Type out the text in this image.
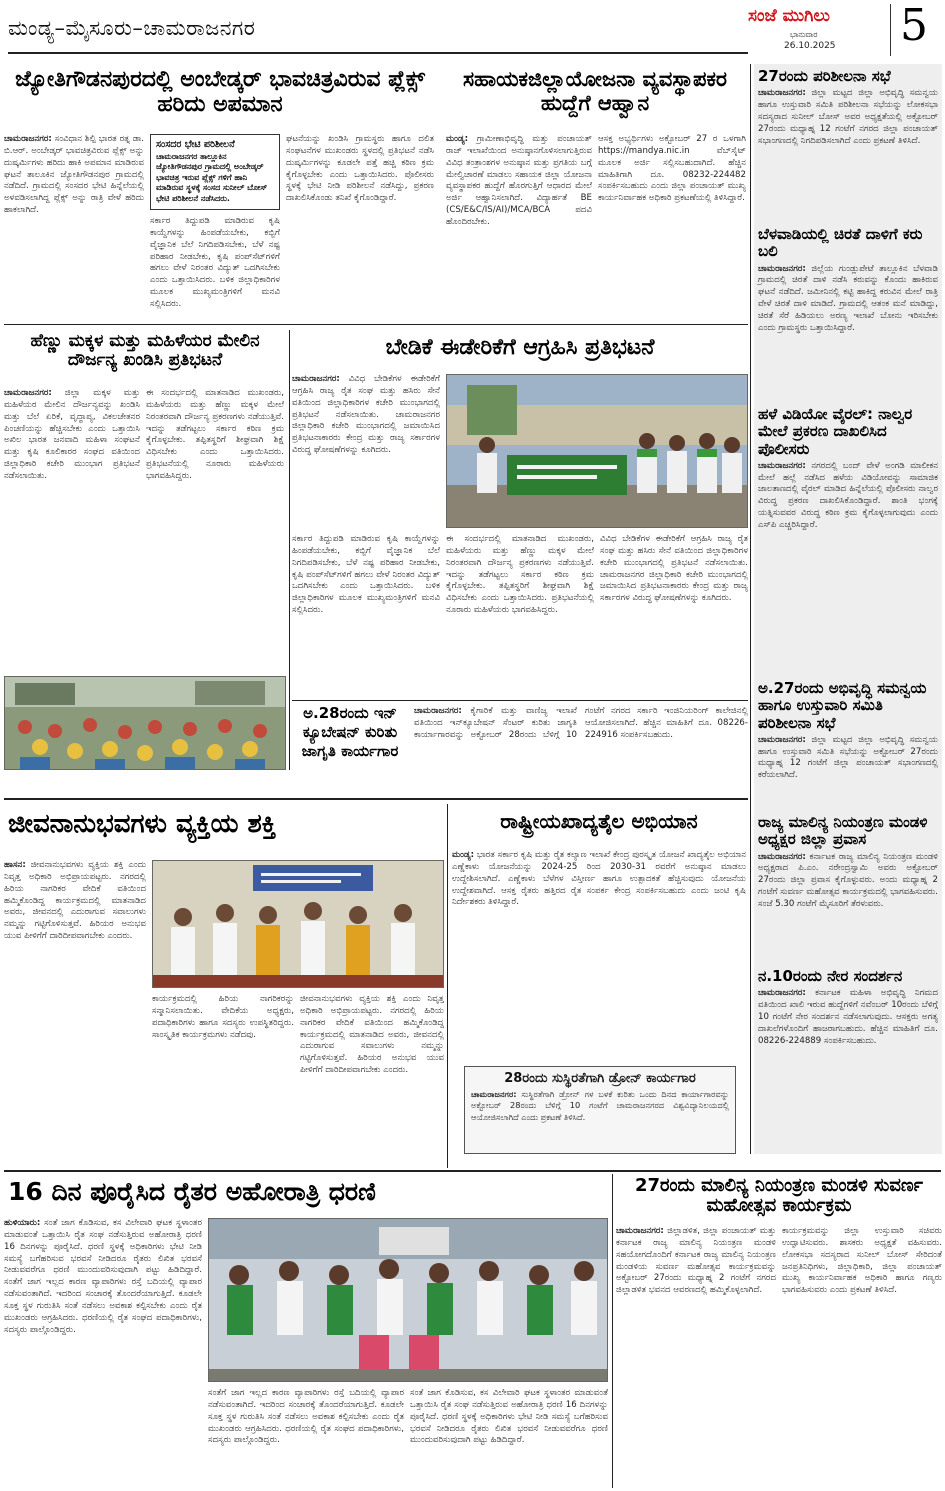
ಮಂಡ್ಯ–ಮೈಸೂರು–ಚಾಮರಾಜನಗರ	ಸಂಜೆ ಮುಗಿಲು
ಭಾನುವಾರ
26.10.2025 5
ಜ್ಯೋತಿಗೌಡನಪುರದಲ್ಲಿ ಅಂಬೇಡ್ಕರ್ ಭಾವಚಿತ್ರವಿರುವ ಪ್ಲೆಕ್ಸ್ ಹರಿದು ಅಪಮಾನ
ಚಾಮರಾಜನಗರ: ಸಂವಿಧಾನ ಶಿಲ್ಪಿ ಭಾರತ ರತ್ನ ಡಾ. ಬಿ.ಆರ್. ಅಂಬೇಡ್ಕರ್ ಭಾವಚಿತ್ರವಿರುವ ಪ್ಲೆಕ್ಸ್ ಅನ್ನು ದುಷ್ಕರ್ಮಿಗಳು ಹರಿದು ಹಾಕಿ ಅಪಮಾನ ಮಾಡಿರುವ ಘಟನೆ ತಾಲೂಕಿನ ಜ್ಯೋತಿಗೌಡನಪುರ ಗ್ರಾಮದಲ್ಲಿ ನಡೆದಿದೆ. ಗ್ರಾಮದಲ್ಲಿ ಸಂಸದರ ಭೇಟಿ ಹಿನ್ನೆಲೆಯಲ್ಲಿ ಅಳವಡಿಸಲಾಗಿದ್ದ ಪ್ಲೆಕ್ಸ್ ಅನ್ನು ರಾತ್ರಿ ವೇಳೆ ಹರಿದು ಹಾಕಲಾಗಿದೆ.
ಸಂಸದರ ಭೇಟಿ ಪರಿಶೀಲನೆ
ಚಾಮರಾಜನಗರ ತಾಲ್ಲೂಕಿನ ಜ್ಯೋತಿಗೌಡನಪುರ ಗ್ರಾಮದಲ್ಲಿ ಅಂಬೇಡ್ಕರ್ ಭಾವಚಿತ್ರ ಇರುವ ಪ್ಲೆಕ್ಸ್ ಗಳಿಗೆ ಹಾನಿ ಮಾಡಿರುವ ಸ್ಥಳಕ್ಕೆ ಸಂಸದ ಸುನೀಲ್ ಬೋಸ್ ಭೇಟಿ ಪರಿಶೀಲನೆ ನಡೆಸಿದರು.
ಘಟನೆಯನ್ನು ಖಂಡಿಸಿ ಗ್ರಾಮಸ್ಥರು ಹಾಗೂ ದಲಿತ ಸಂಘಟನೆಗಳ ಮುಖಂಡರು ಸ್ಥಳದಲ್ಲಿ ಪ್ರತಿಭಟನೆ ನಡೆಸಿ ದುಷ್ಕರ್ಮಿಗಳನ್ನು ಕೂಡಲೇ ಪತ್ತೆ ಹಚ್ಚಿ ಕಠಿಣ ಕ್ರಮ ಕೈಗೊಳ್ಳಬೇಕು ಎಂದು ಒತ್ತಾಯಿಸಿದರು. ಪೊಲೀಸರು ಸ್ಥಳಕ್ಕೆ ಭೇಟಿ ನೀಡಿ ಪರಿಶೀಲನೆ ನಡೆಸಿದ್ದು, ಪ್ರಕರಣ ದಾಖಲಿಸಿಕೊಂಡು ತನಿಖೆ ಕೈಗೊಂಡಿದ್ದಾರೆ.
ಸರ್ಕಾರ ತಿದ್ದುಪಡಿ ಮಾಡಿರುವ ಕೃಷಿ ಕಾಯ್ದೆಗಳನ್ನು ಹಿಂಪಡೆಯಬೇಕು, ಕಬ್ಬಿಗೆ ವೈಜ್ಞಾನಿಕ ಬೆಲೆ ನಿಗದಿಪಡಿಸಬೇಕು, ಬೆಳೆ ನಷ್ಟ ಪರಿಹಾರ ನೀಡಬೇಕು, ಕೃಷಿ ಪಂಪ್‌ಸೆಟ್‌ಗಳಿಗೆ ಹಗಲು ವೇಳೆ ನಿರಂತರ ವಿದ್ಯುತ್ ಒದಗಿಸಬೇಕು ಎಂದು ಒತ್ತಾಯಿಸಿದರು. ಬಳಿಕ ಜಿಲ್ಲಾಧಿಕಾರಿಗಳ ಮೂಲಕ ಮುಖ್ಯಮಂತ್ರಿಗಳಿಗೆ ಮನವಿ ಸಲ್ಲಿಸಿದರು.
ಸಹಾಯಕಜಿಲ್ಲಾಯೋಜನಾ ವ್ಯವಸ್ಥಾಪಕರ ಹುದ್ದೆಗೆ ಆಹ್ವಾನ
ಮಂಡ್ಯ: ಗ್ರಾಮೀಣಾಭಿವೃದ್ಧಿ ಮತ್ತು ಪಂಚಾಯತ್ ರಾಜ್ ಇಲಾಖೆಯಿಂದ ಅನುಷ್ಠಾನಗೊಳಿಸಲಾಗುತ್ತಿರುವ ವಿವಿಧ ತಂತ್ರಾಂಶಗಳ ಅನುಷ್ಠಾನ ಮತ್ತು ಪ್ರಗತಿಯ ಬಗ್ಗೆ ಮೇಲ್ವಿಚಾರಣೆ ಮಾಡಲು ಸಹಾಯಕ ಜಿಲ್ಲಾ ಯೋಜನಾ ವ್ಯವಸ್ಥಾಪಕರ ಹುದ್ದೆಗೆ ಹೊರಗುತ್ತಿಗೆ ಆಧಾರದ ಮೇಲೆ ಅರ್ಜಿ ಆಹ್ವಾನಿಸಲಾಗಿದೆ. ವಿದ್ಯಾರ್ಹತೆ BE (CS/E&C/IS/AI)/MCA/BCA ಪದವಿ ಹೊಂದಿರಬೇಕು.
ಆಸಕ್ತ ಅಭ್ಯರ್ಥಿಗಳು ಅಕ್ಟೋಬರ್ 27 ರ ಒಳಗಾಗಿ https://mandya.nic.in ವೆಬ್‌ಸೈಟ್ ಮೂಲಕ ಅರ್ಜಿ ಸಲ್ಲಿಸಬಹುದಾಗಿದೆ. ಹೆಚ್ಚಿನ ಮಾಹಿತಿಗಾಗಿ ದೂ. 08232-224482 ಸಂಪರ್ಕಿಸಬಹುದು ಎಂದು ಜಿಲ್ಲಾ ಪಂಚಾಯತ್ ಮುಖ್ಯ ಕಾರ್ಯನಿರ್ವಾಹಕ ಅಧಿಕಾರಿ ಪ್ರಕಟಣೆಯಲ್ಲಿ ತಿಳಿಸಿದ್ದಾರೆ.
27ರಂದು ಪರಿಶೀಲನಾ ಸಭೆ
ಚಾಮರಾಜನಗರ: ಜಿಲ್ಲಾ ಮಟ್ಟದ ಜಿಲ್ಲಾ ಅಭಿವೃದ್ಧಿ ಸಮನ್ವಯ ಹಾಗೂ ಉಸ್ತುವಾರಿ ಸಮಿತಿ ಪರಿಶೀಲನಾ ಸಭೆಯನ್ನು ಲೋಕಸಭಾ ಸದಸ್ಯರಾದ ಸುನೀಲ್ ಬೋಸ್ ಅವರ ಅಧ್ಯಕ್ಷತೆಯಲ್ಲಿ ಅಕ್ಟೋಬರ್ 27ರಂದು ಮಧ್ಯಾಹ್ನ 12 ಗಂಟೆಗೆ ನಗರದ ಜಿಲ್ಲಾ ಪಂಚಾಯತ್ ಸಭಾಂಗಣದಲ್ಲಿ ನಿಗದಿಪಡಿಸಲಾಗಿದೆ ಎಂದು ಪ್ರಕಟಣೆ ತಿಳಿಸಿದೆ.
ಬೆಳವಾಡಿಯಲ್ಲಿ ಚಿರತೆ ದಾಳಿಗೆ ಕರು ಬಲಿ
ಚಾಮರಾಜನಗರ: ಜಿಲ್ಲೆಯ ಗುಂಡ್ಲುಪೇಟೆ ತಾಲ್ಲೂಕಿನ ಬೆಳವಾಡಿ ಗ್ರಾಮದಲ್ಲಿ ಚಿರತೆ ದಾಳಿ ನಡೆಸಿ ಕರುವನ್ನು ಕೊಂದು ಹಾಕಿರುವ ಘಟನೆ ನಡೆದಿದೆ. ಜಮೀನಿನಲ್ಲಿ ಕಟ್ಟಿ ಹಾಕಿದ್ದ ಕರುವಿನ ಮೇಲೆ ರಾತ್ರಿ ವೇಳೆ ಚಿರತೆ ದಾಳಿ ಮಾಡಿದೆ. ಗ್ರಾಮದಲ್ಲಿ ಆತಂಕ ಮನೆ ಮಾಡಿದ್ದು, ಚಿರತೆ ಸೆರೆ ಹಿಡಿಯಲು ಅರಣ್ಯ ಇಲಾಖೆ ಬೋನು ಇರಿಸಬೇಕು ಎಂದು ಗ್ರಾಮಸ್ಥರು ಒತ್ತಾಯಿಸಿದ್ದಾರೆ.
ಹಳೆ ವಿಡಿಯೋ ವೈರಲ್: ನಾಲ್ವರ ಮೇಲೆ ಪ್ರಕರಣ ದಾಖಲಿಸಿದ ಪೊಲೀಸರು
ಚಾಮರಾಜನಗರ: ನಗರದಲ್ಲಿ ಬಂದ್ ವೇಳೆ ಅಂಗಡಿ ಮಾಲೀಕನ ಮೇಲೆ ಹಲ್ಲೆ ನಡೆಸಿದ ಹಳೆಯ ವಿಡಿಯೋವನ್ನು ಸಾಮಾಜಿಕ ಜಾಲತಾಣದಲ್ಲಿ ವೈರಲ್ ಮಾಡಿದ ಹಿನ್ನೆಲೆಯಲ್ಲಿ ಪೊಲೀಸರು ನಾಲ್ವರ ವಿರುದ್ಧ ಪ್ರಕರಣ ದಾಖಲಿಸಿಕೊಂಡಿದ್ದಾರೆ. ಶಾಂತಿ ಭಂಗಕ್ಕೆ ಯತ್ನಿಸುವವರ ವಿರುದ್ಧ ಕಠಿಣ ಕ್ರಮ ಕೈಗೊಳ್ಳಲಾಗುವುದು ಎಂದು ಎಸ್‌ಪಿ ಎಚ್ಚರಿಸಿದ್ದಾರೆ.
ಅ.27ರಂದು ಅಭಿವೃದ್ಧಿ ಸಮನ್ವಯ ಹಾಗೂ ಉಸ್ತುವಾರಿ ಸಮಿತಿ ಪರಿಶೀಲನಾ ಸಭೆ
ಚಾಮರಾಜನಗರ: ಜಿಲ್ಲಾ ಮಟ್ಟದ ಜಿಲ್ಲಾ ಅಭಿವೃದ್ಧಿ ಸಮನ್ವಯ ಹಾಗೂ ಉಸ್ತುವಾರಿ ಸಮಿತಿ ಸಭೆಯನ್ನು ಅಕ್ಟೋಬರ್ 27ರಂದು ಮಧ್ಯಾಹ್ನ 12 ಗಂಟೆಗೆ ಜಿಲ್ಲಾ ಪಂಚಾಯತ್ ಸಭಾಂಗಣದಲ್ಲಿ ಕರೆಯಲಾಗಿದೆ.
ರಾಜ್ಯ ಮಾಲಿನ್ಯ ನಿಯಂತ್ರಣ ಮಂಡಳಿ ಅಧ್ಯಕ್ಷರ ಜಿಲ್ಲಾ ಪ್ರವಾಸ
ಚಾಮರಾಜನಗರ: ಕರ್ನಾಟಕ ರಾಜ್ಯ ಮಾಲಿನ್ಯ ನಿಯಂತ್ರಣ ಮಂಡಳಿ ಅಧ್ಯಕ್ಷರಾದ ಪಿ.ಎಂ. ನರೇಂದ್ರಸ್ವಾಮಿ ಅವರು ಅಕ್ಟೋಬರ್ 27ರಂದು ಜಿಲ್ಲಾ ಪ್ರವಾಸ ಕೈಗೊಳ್ಳುವರು. ಅಂದು ಮಧ್ಯಾಹ್ನ 2 ಗಂಟೆಗೆ ಸುವರ್ಣ ಮಹೋತ್ಸವ ಕಾರ್ಯಕ್ರಮದಲ್ಲಿ ಭಾಗವಹಿಸುವರು. ಸಂಜೆ 5.30 ಗಂಟೆಗೆ ಮೈಸೂರಿಗೆ ತೆರಳುವರು.
ನ.10ರಂದು ನೇರ ಸಂದರ್ಶನ
ಚಾಮರಾಜನಗರ: ಕರ್ನಾಟಕ ಮಹಿಳಾ ಅಭಿವೃದ್ಧಿ ನಿಗಮದ ವತಿಯಿಂದ ಖಾಲಿ ಇರುವ ಹುದ್ದೆಗಳಿಗೆ ನವೆಂಬರ್ 10ರಂದು ಬೆಳಿಗ್ಗೆ 10 ಗಂಟೆಗೆ ನೇರ ಸಂದರ್ಶನ ನಡೆಸಲಾಗುವುದು. ಆಸಕ್ತರು ಅಗತ್ಯ ದಾಖಲೆಗಳೊಂದಿಗೆ ಹಾಜರಾಗಬಹುದು. ಹೆಚ್ಚಿನ ಮಾಹಿತಿಗೆ ದೂ. 08226-224889 ಸಂಪರ್ಕಿಸಬಹುದು.
ಹೆಣ್ಣು ಮಕ್ಕಳ ಮತ್ತು ಮಹಿಳೆಯರ ಮೇಲಿನ ದೌರ್ಜನ್ಯ ಖಂಡಿಸಿ ಪ್ರತಿಭಟನೆ
ಚಾಮರಾಜನಗರ: ಜಿಲ್ಲಾ ಮಕ್ಕಳ ಮತ್ತು ಮಹಿಳೆಯರ ಮೇಲಿನ ದೌರ್ಜನ್ಯವನ್ನು ಖಂಡಿಸಿ ಮತ್ತು ಬೆಲೆ ಏರಿಕೆ, ವೃದ್ಧಾಪ್ಯ, ವಿಕಲಚೇತನರ ಪಿಂಚಣಿಯನ್ನು ಹೆಚ್ಚಿಸಬೇಕು ಎಂದು ಒತ್ತಾಯಿಸಿ ಅಖಿಲ ಭಾರತ ಜನವಾದಿ ಮಹಿಳಾ ಸಂಘಟನೆ ಮತ್ತು ಕೃಷಿ ಕೂಲಿಕಾರರ ಸಂಘದ ವತಿಯಿಂದ ಜಿಲ್ಲಾಧಿಕಾರಿ ಕಚೇರಿ ಮುಂಭಾಗ ಪ್ರತಿಭಟನೆ ನಡೆಸಲಾಯಿತು.
ಈ ಸಂದರ್ಭದಲ್ಲಿ ಮಾತನಾಡಿದ ಮುಖಂಡರು, ಮಹಿಳೆಯರು ಮತ್ತು ಹೆಣ್ಣು ಮಕ್ಕಳ ಮೇಲೆ ನಿರಂತರವಾಗಿ ದೌರ್ಜನ್ಯ ಪ್ರಕರಣಗಳು ನಡೆಯುತ್ತಿವೆ. ಇದನ್ನು ತಡೆಗಟ್ಟಲು ಸರ್ಕಾರ ಕಠಿಣ ಕ್ರಮ ಕೈಗೊಳ್ಳಬೇಕು. ತಪ್ಪಿತಸ್ಥರಿಗೆ ಶೀಘ್ರವಾಗಿ ಶಿಕ್ಷೆ ವಿಧಿಸಬೇಕು ಎಂದು ಒತ್ತಾಯಿಸಿದರು. ಪ್ರತಿಭಟನೆಯಲ್ಲಿ ನೂರಾರು ಮಹಿಳೆಯರು ಭಾಗವಹಿಸಿದ್ದರು.
ಬೇಡಿಕೆ ಈಡೇರಿಕೆಗೆ ಆಗ್ರಹಿಸಿ ಪ್ರತಿಭಟನೆ
ಚಾಮರಾಜನಗರ: ವಿವಿಧ ಬೇಡಿಕೆಗಳ ಈಡೇರಿಕೆಗೆ ಆಗ್ರಹಿಸಿ ರಾಜ್ಯ ರೈತ ಸಂಘ ಮತ್ತು ಹಸಿರು ಸೇನೆ ವತಿಯಿಂದ ಜಿಲ್ಲಾಧಿಕಾರಿಗಳ ಕಚೇರಿ ಮುಂಭಾಗದಲ್ಲಿ ಪ್ರತಿಭಟನೆ ನಡೆಸಲಾಯಿತು. ಚಾಮರಾಜನಗರ ಜಿಲ್ಲಾಧಿಕಾರಿ ಕಚೇರಿ ಮುಂಭಾಗದಲ್ಲಿ ಜಮಾಯಿಸಿದ ಪ್ರತಿಭಟನಾಕಾರರು ಕೇಂದ್ರ ಮತ್ತು ರಾಜ್ಯ ಸರ್ಕಾರಗಳ ವಿರುದ್ಧ ಘೋಷಣೆಗಳನ್ನು ಕೂಗಿದರು.
ಸರ್ಕಾರ ತಿದ್ದುಪಡಿ ಮಾಡಿರುವ ಕೃಷಿ ಕಾಯ್ದೆಗಳನ್ನು ಹಿಂಪಡೆಯಬೇಕು, ಕಬ್ಬಿಗೆ ವೈಜ್ಞಾನಿಕ ಬೆಲೆ ನಿಗದಿಪಡಿಸಬೇಕು, ಬೆಳೆ ನಷ್ಟ ಪರಿಹಾರ ನೀಡಬೇಕು, ಕೃಷಿ ಪಂಪ್‌ಸೆಟ್‌ಗಳಿಗೆ ಹಗಲು ವೇಳೆ ನಿರಂತರ ವಿದ್ಯುತ್ ಒದಗಿಸಬೇಕು ಎಂದು ಒತ್ತಾಯಿಸಿದರು. ಬಳಿಕ ಜಿಲ್ಲಾಧಿಕಾರಿಗಳ ಮೂಲಕ ಮುಖ್ಯಮಂತ್ರಿಗಳಿಗೆ ಮನವಿ ಸಲ್ಲಿಸಿದರು.
ಈ ಸಂದರ್ಭದಲ್ಲಿ ಮಾತನಾಡಿದ ಮುಖಂಡರು, ಮಹಿಳೆಯರು ಮತ್ತು ಹೆಣ್ಣು ಮಕ್ಕಳ ಮೇಲೆ ನಿರಂತರವಾಗಿ ದೌರ್ಜನ್ಯ ಪ್ರಕರಣಗಳು ನಡೆಯುತ್ತಿವೆ. ಇದನ್ನು ತಡೆಗಟ್ಟಲು ಸರ್ಕಾರ ಕಠಿಣ ಕ್ರಮ ಕೈಗೊಳ್ಳಬೇಕು. ತಪ್ಪಿತಸ್ಥರಿಗೆ ಶೀಘ್ರವಾಗಿ ಶಿಕ್ಷೆ ವಿಧಿಸಬೇಕು ಎಂದು ಒತ್ತಾಯಿಸಿದರು. ಪ್ರತಿಭಟನೆಯಲ್ಲಿ ನೂರಾರು ಮಹಿಳೆಯರು ಭಾಗವಹಿಸಿದ್ದರು.
ವಿವಿಧ ಬೇಡಿಕೆಗಳ ಈಡೇರಿಕೆಗೆ ಆಗ್ರಹಿಸಿ ರಾಜ್ಯ ರೈತ ಸಂಘ ಮತ್ತು ಹಸಿರು ಸೇನೆ ವತಿಯಿಂದ ಜಿಲ್ಲಾಧಿಕಾರಿಗಳ ಕಚೇರಿ ಮುಂಭಾಗದಲ್ಲಿ ಪ್ರತಿಭಟನೆ ನಡೆಸಲಾಯಿತು. ಚಾಮರಾಜನಗರ ಜಿಲ್ಲಾಧಿಕಾರಿ ಕಚೇರಿ ಮುಂಭಾಗದಲ್ಲಿ ಜಮಾಯಿಸಿದ ಪ್ರತಿಭಟನಾಕಾರರು ಕೇಂದ್ರ ಮತ್ತು ರಾಜ್ಯ ಸರ್ಕಾರಗಳ ವಿರುದ್ಧ ಘೋಷಣೆಗಳನ್ನು ಕೂಗಿದರು.
ಅ.28ರಂದು ಇನ್ ಕ್ಯೂಬೇಷನ್ ಕುರಿತು ಜಾಗೃತಿ ಕಾರ್ಯಗಾರ
ಚಾಮರಾಜನಗರ: ಕೈಗಾರಿಕೆ ಮತ್ತು ವಾಣಿಜ್ಯ ಇಲಾಖೆ ವತಿಯಿಂದ ಇನ್‌ಕ್ಯೂಬೇಷನ್ ಸೆಂಟರ್ ಕುರಿತು ಜಾಗೃತಿ ಕಾರ್ಯಾಗಾರವನ್ನು ಅಕ್ಟೋಬರ್ 28ರಂದು ಬೆಳಿಗ್ಗೆ 10 ಗಂಟೆಗೆ ನಗರದ ಸರ್ಕಾರಿ ಇಂಜಿನಿಯರಿಂಗ್ ಕಾಲೇಜಿನಲ್ಲಿ ಆಯೋಜಿಸಲಾಗಿದೆ. ಹೆಚ್ಚಿನ ಮಾಹಿತಿಗೆ ದೂ. 08226-224916 ಸಂಪರ್ಕಿಸಬಹುದು.
ಜೀವನಾನುಭವಗಳು ವ್ಯಕ್ತಿಯ ಶಕ್ತಿ
ಹಾಸನ: ಜೀವನಾನುಭವಗಳು ವ್ಯಕ್ತಿಯ ಶಕ್ತಿ ಎಂದು ನಿವೃತ್ತ ಅಧಿಕಾರಿ ಅಭಿಪ್ರಾಯಪಟ್ಟರು. ನಗರದಲ್ಲಿ ಹಿರಿಯ ನಾಗರಿಕರ ವೇದಿಕೆ ವತಿಯಿಂದ ಹಮ್ಮಿಕೊಂಡಿದ್ದ ಕಾರ್ಯಕ್ರಮದಲ್ಲಿ ಮಾತನಾಡಿದ ಅವರು, ಜೀವನದಲ್ಲಿ ಎದುರಾಗುವ ಸವಾಲುಗಳು ನಮ್ಮನ್ನು ಗಟ್ಟಿಗೊಳಿಸುತ್ತವೆ. ಹಿರಿಯರ ಅನುಭವ ಯುವ ಪೀಳಿಗೆಗೆ ದಾರಿದೀಪವಾಗಬೇಕು ಎಂದರು.
ಕಾರ್ಯಕ್ರಮದಲ್ಲಿ ಹಿರಿಯ ನಾಗರಿಕರನ್ನು ಸನ್ಮಾನಿಸಲಾಯಿತು. ವೇದಿಕೆಯ ಅಧ್ಯಕ್ಷರು, ಪದಾಧಿಕಾರಿಗಳು ಹಾಗೂ ಸದಸ್ಯರು ಉಪಸ್ಥಿತರಿದ್ದರು. ಸಾಂಸ್ಕೃತಿಕ ಕಾರ್ಯಕ್ರಮಗಳು ನಡೆದವು.
ಜೀವನಾನುಭವಗಳು ವ್ಯಕ್ತಿಯ ಶಕ್ತಿ ಎಂದು ನಿವೃತ್ತ ಅಧಿಕಾರಿ ಅಭಿಪ್ರಾಯಪಟ್ಟರು. ನಗರದಲ್ಲಿ ಹಿರಿಯ ನಾಗರಿಕರ ವೇದಿಕೆ ವತಿಯಿಂದ ಹಮ್ಮಿಕೊಂಡಿದ್ದ ಕಾರ್ಯಕ್ರಮದಲ್ಲಿ ಮಾತನಾಡಿದ ಅವರು, ಜೀವನದಲ್ಲಿ ಎದುರಾಗುವ ಸವಾಲುಗಳು ನಮ್ಮನ್ನು ಗಟ್ಟಿಗೊಳಿಸುತ್ತವೆ. ಹಿರಿಯರ ಅನುಭವ ಯುವ ಪೀಳಿಗೆಗೆ ದಾರಿದೀಪವಾಗಬೇಕು ಎಂದರು.
ರಾಷ್ಟ್ರೀಯಖಾದ್ಯತೈಲ ಅಭಿಯಾನ
ಮಂಡ್ಯ: ಭಾರತ ಸರ್ಕಾರ ಕೃಷಿ ಮತ್ತು ರೈತ ಕಲ್ಯಾಣ ಇಲಾಖೆ ಕೇಂದ್ರ ಪುರಸ್ಕೃತ ಯೋಜನೆ ಖಾದ್ಯತೈಲ ಅಭಿಯಾನ ಎಣ್ಣೆಕಾಳು ಯೋಜನೆಯನ್ನು 2024-25 ರಿಂದ 2030-31 ರವರೆಗೆ ಅನುಷ್ಠಾನ ಮಾಡಲು ಉದ್ದೇಶಿಸಲಾಗಿದೆ. ಎಣ್ಣೆಕಾಳು ಬೆಳೆಗಳ ವಿಸ್ತೀರ್ಣ ಹಾಗೂ ಉತ್ಪಾದಕತೆ ಹೆಚ್ಚಿಸುವುದು ಯೋಜನೆಯ ಉದ್ದೇಶವಾಗಿದೆ. ಆಸಕ್ತ ರೈತರು ಹತ್ತಿರದ ರೈತ ಸಂಪರ್ಕ ಕೇಂದ್ರ ಸಂಪರ್ಕಿಸಬಹುದು ಎಂದು ಜಂಟಿ ಕೃಷಿ ನಿರ್ದೇಶಕರು ತಿಳಿಸಿದ್ದಾರೆ.
28ರಂದು ಸುಸ್ಥಿರತೆಗಾಗಿ ಡ್ರೋನ್ ಕಾರ್ಯಗಾರ
ಚಾಮರಾಜನಗರ: ಸುಸ್ಥಿರತೆಗಾಗಿ ಡ್ರೋನ್ ಗಳ ಬಳಕೆ ಕುರಿತು ಒಂದು ದಿನದ ಕಾರ್ಯಾಗಾರವನ್ನು ಅಕ್ಟೋಬರ್ 28ರಂದು ಬೆಳಿಗ್ಗೆ 10 ಗಂಟೆಗೆ ಚಾಮರಾಜನಗರದ ವಿಶ್ವವಿದ್ಯಾನಿಲಯದಲ್ಲಿ ಆಯೋಜಿಸಲಾಗಿದೆ ಎಂದು ಪ್ರಕಟಣೆ ತಿಳಿಸಿದೆ.
16 ದಿನ ಪೂರೈಸಿದ ರೈತರ ಅಹೋರಾತ್ರಿ ಧರಣಿ
ಹುಳಿಯಾರು: ಸಂತೆ ಜಾಗ ಕೊಡಿಸುವ, ಕಸ ವಿಲೇವಾರಿ ಘಟಕ ಸ್ಥಳಾಂತರ ಮಾಡುವಂತೆ ಒತ್ತಾಯಿಸಿ ರೈತ ಸಂಘ ನಡೆಸುತ್ತಿರುವ ಅಹೋರಾತ್ರಿ ಧರಣಿ 16 ದಿನಗಳನ್ನು ಪೂರೈಸಿದೆ. ಧರಣಿ ಸ್ಥಳಕ್ಕೆ ಅಧಿಕಾರಿಗಳು ಭೇಟಿ ನೀಡಿ ಸಮಸ್ಯೆ ಬಗೆಹರಿಸುವ ಭರವಸೆ ನೀಡಿದರೂ ರೈತರು ಲಿಖಿತ ಭರವಸೆ ನೀಡುವವರೆಗೂ ಧರಣಿ ಮುಂದುವರಿಸುವುದಾಗಿ ಪಟ್ಟು ಹಿಡಿದಿದ್ದಾರೆ. ಸಂತೆಗೆ ಜಾಗ ಇಲ್ಲದ ಕಾರಣ ವ್ಯಾಪಾರಿಗಳು ರಸ್ತೆ ಬದಿಯಲ್ಲಿ ವ್ಯಾಪಾರ ನಡೆಸುವಂತಾಗಿದೆ. ಇದರಿಂದ ಸಂಚಾರಕ್ಕೆ ತೊಂದರೆಯಾಗುತ್ತಿದೆ. ಕೂಡಲೇ ಸೂಕ್ತ ಸ್ಥಳ ಗುರುತಿಸಿ ಸಂತೆ ನಡೆಸಲು ಅವಕಾಶ ಕಲ್ಪಿಸಬೇಕು ಎಂದು ರೈತ ಮುಖಂಡರು ಆಗ್ರಹಿಸಿದರು. ಧರಣಿಯಲ್ಲಿ ರೈತ ಸಂಘದ ಪದಾಧಿಕಾರಿಗಳು, ಸದಸ್ಯರು ಪಾಲ್ಗೊಂಡಿದ್ದರು.
ಸಂತೆಗೆ ಜಾಗ ಇಲ್ಲದ ಕಾರಣ ವ್ಯಾಪಾರಿಗಳು ರಸ್ತೆ ಬದಿಯಲ್ಲಿ ವ್ಯಾಪಾರ ನಡೆಸುವಂತಾಗಿದೆ. ಇದರಿಂದ ಸಂಚಾರಕ್ಕೆ ತೊಂದರೆಯಾಗುತ್ತಿದೆ. ಕೂಡಲೇ ಸೂಕ್ತ ಸ್ಥಳ ಗುರುತಿಸಿ ಸಂತೆ ನಡೆಸಲು ಅವಕಾಶ ಕಲ್ಪಿಸಬೇಕು ಎಂದು ರೈತ ಮುಖಂಡರು ಆಗ್ರಹಿಸಿದರು. ಧರಣಿಯಲ್ಲಿ ರೈತ ಸಂಘದ ಪದಾಧಿಕಾರಿಗಳು, ಸದಸ್ಯರು ಪಾಲ್ಗೊಂಡಿದ್ದರು.
ಸಂತೆ ಜಾಗ ಕೊಡಿಸುವ, ಕಸ ವಿಲೇವಾರಿ ಘಟಕ ಸ್ಥಳಾಂತರ ಮಾಡುವಂತೆ ಒತ್ತಾಯಿಸಿ ರೈತ ಸಂಘ ನಡೆಸುತ್ತಿರುವ ಅಹೋರಾತ್ರಿ ಧರಣಿ 16 ದಿನಗಳನ್ನು ಪೂರೈಸಿದೆ. ಧರಣಿ ಸ್ಥಳಕ್ಕೆ ಅಧಿಕಾರಿಗಳು ಭೇಟಿ ನೀಡಿ ಸಮಸ್ಯೆ ಬಗೆಹರಿಸುವ ಭರವಸೆ ನೀಡಿದರೂ ರೈತರು ಲಿಖಿತ ಭರವಸೆ ನೀಡುವವರೆಗೂ ಧರಣಿ ಮುಂದುವರಿಸುವುದಾಗಿ ಪಟ್ಟು ಹಿಡಿದಿದ್ದಾರೆ.
27ರಂದು ಮಾಲಿನ್ಯ ನಿಯಂತ್ರಣ ಮಂಡಳಿ ಸುವರ್ಣ ಮಹೋತ್ಸವ ಕಾರ್ಯಕ್ರಮ
ಚಾಮರಾಜನಗರ: ಜಿಲ್ಲಾಡಳಿತ, ಜಿಲ್ಲಾ ಪಂಚಾಯತ್ ಮತ್ತು ಕರ್ನಾಟಕ ರಾಜ್ಯ ಮಾಲಿನ್ಯ ನಿಯಂತ್ರಣ ಮಂಡಳಿ ಸಹಯೋಗದೊಂದಿಗೆ ಕರ್ನಾಟಕ ರಾಜ್ಯ ಮಾಲಿನ್ಯ ನಿಯಂತ್ರಣ ಮಂಡಳಿಯ ಸುವರ್ಣ ಮಹೋತ್ಸವ ಕಾರ್ಯಕ್ರಮವನ್ನು ಅಕ್ಟೋಬರ್ 27ರಂದು ಮಧ್ಯಾಹ್ನ 2 ಗಂಟೆಗೆ ನಗರದ ಜಿಲ್ಲಾಡಳಿತ ಭವನದ ಆವರಣದಲ್ಲಿ ಹಮ್ಮಿಕೊಳ್ಳಲಾಗಿದೆ.
ಕಾರ್ಯಕ್ರಮವನ್ನು ಜಿಲ್ಲಾ ಉಸ್ತುವಾರಿ ಸಚಿವರು ಉದ್ಘಾಟಿಸುವರು. ಶಾಸಕರು ಅಧ್ಯಕ್ಷತೆ ವಹಿಸುವರು. ಲೋಕಸಭಾ ಸದಸ್ಯರಾದ ಸುನೀಲ್ ಬೋಸ್ ಸೇರಿದಂತೆ ಜನಪ್ರತಿನಿಧಿಗಳು, ಜಿಲ್ಲಾಧಿಕಾರಿ, ಜಿಲ್ಲಾ ಪಂಚಾಯತ್ ಮುಖ್ಯ ಕಾರ್ಯನಿರ್ವಾಹಕ ಅಧಿಕಾರಿ ಹಾಗೂ ಗಣ್ಯರು ಭಾಗವಹಿಸುವರು ಎಂದು ಪ್ರಕಟಣೆ ತಿಳಿಸಿದೆ.
